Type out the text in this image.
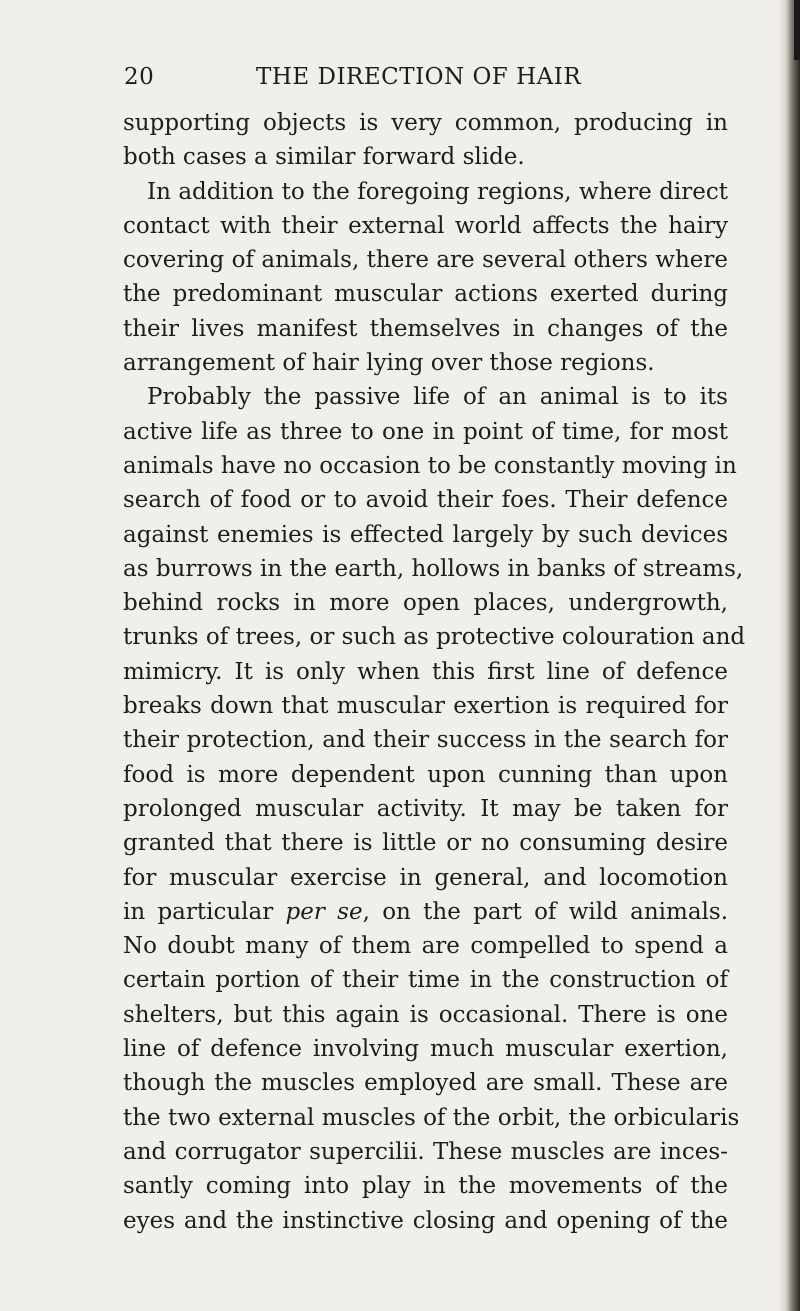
20	THE DIRECTION OF HAIR
supporting objects is very common, producing in
both cases a similar forward slide.
In addition to the foregoing regions, where direct
contact with their external world affects the hairy
covering of animals, there are several others where
the predominant muscular actions exerted during
their lives manifest themselves in changes of the
arrangement of hair lying over those regions.
Probably the passive life of an animal is to its
active life as three to one in point of time, for most
animals have no occasion to be constantly moving in
search of food or to avoid their foes. Their defence
against enemies is effected largely by such devices
as burrows in the earth, hollows in banks of streams,
behind rocks in more open places, undergrowth,
trunks of trees, or such as protective colouration and
mimicry. It is only when this first line of defence
breaks down that muscular exertion is required for
their protection, and their success in the search for
food is more dependent upon cunning than upon
prolonged muscular activity. It may be taken for
granted that there is little or no consuming desire
for muscular exercise in general, and locomotion
in particular per se, on the part of wild animals.
No doubt many of them are compelled to spend a
certain portion of their time in the construction of
shelters, but this again is occasional. There is one
line of defence involving much muscular exertion,
though the muscles employed are small. These are
the two external muscles of the orbit, the orbicularis
and corrugator supercilii. These muscles are inces-
santly coming into play in the movements of the
eyes and the instinctive closing and opening of the
